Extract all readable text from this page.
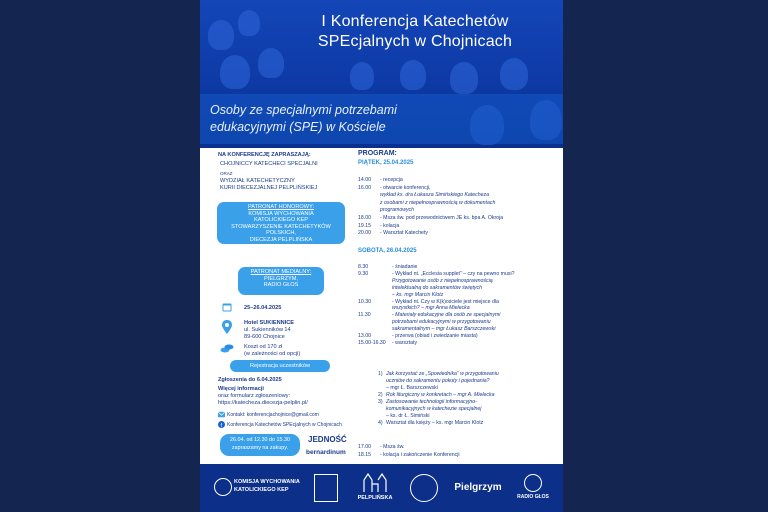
I Konferencja Katechetów
SPEcjalnych w Chojnicach
Osoby ze specjalnymi potrzebami
edukacyjnymi (SPE) w Kościele
NA KONFERENCJĘ ZAPRASZAJĄ:
CHOJNICCY KATECHECI SPECJALNI
ORAZ
WYDZIAŁ KATECHETYCZNY
KURII DIECEZJALNEJ PELPLIŃSKIEJ
PATRONAT HONOROWY:
KOMISJA WYCHOWANIA
KATOLICKIEGO KEP
STOWARZYSZENIE KATECHETYKÓW
POLSKICH,
DIECEZJA PELPLIŃSKA
PATRONAT MEDIALNY:
PIELGRZYM,
RADIO GŁOS
25–26.04.2025
Hotel SUKIENNICE
ul. Sukienników 14
89-600 Chojnice
Koszt od 170 zł
(w zależności od opcji)
Rejestracja uczestników
Zgłoszenia do 6.04.2025
Więcej informacji
oraz formularz zgłoszeniowy:
https://katecheza.diecezja-pelplin.pl/
Kontakt: konferencjachojnice@gmail.com
f Konferencja Katechetów SPEcjalnych w Chojnicach
26.04. od 12.30 do 15.30
zapraszamy na zakupy.
JEDNOŚĆ
bernardinum
PROGRAM:
PIĄTEK, 25.04.2025
14.00 - recepcja
16.00 - otwarcie konferencji,
wykład ks. dra Łukasza Simińskiego Katecheza
z osobami z niepełnosprawnością w dokumentach
programowych
18.00 - Msza św. pod przewodnictwem JE ks. bpa A. Okroja
19.15 - kolacja
20.00 - Warsztat Katechety
SOBOTA, 26.04.2025
8.30	- śniadanie
9.30	- Wykład nt. „Ecclesia supplet” – czy na pewno musi?
Przygotowanie osób z niepełnosprawnością
intelektualną do sakramentów świętych
– ks. mgr Marcin Klotz
10.30	- Wykład nt. Czy w K(k)ościele jest miejsce dla
wszystkich? – mgr Anna Mielecka
11.30	- Materiały edukacyjne dla osób ze specjalnymi
potrzebami edukacyjnymi w przygotowaniu
sakramentalnym – mgr Łukasz Barszczewski
13.00	- przerwa (obiad i zwiedzanie miasta)
15.00-16.30 - warsztaty
1) Jak korzystać ze „Spowiednika” w przygotowaniu
uczniów do sakramentu pokuty i pojednania?
– mgr Ł. Barszczewski
2) Rok liturgiczny w konkretach – mgr A. Mielecka
3) Zastosowanie technologii informacyjno-
komunikacyjnych w katechezie specjalnej
– ks. dr Ł. Simiński
4) Warsztat dla księży – ks. mgr Marcin Klotz
17.00 - Msza św.
18.15 - kolacja i zakończenie Konferencji
KOMISJA WYCHOWANIA
KATOLICKIEGO KEP
PELPLIŃSKA
Pielgrzym
RADIO GŁOS
